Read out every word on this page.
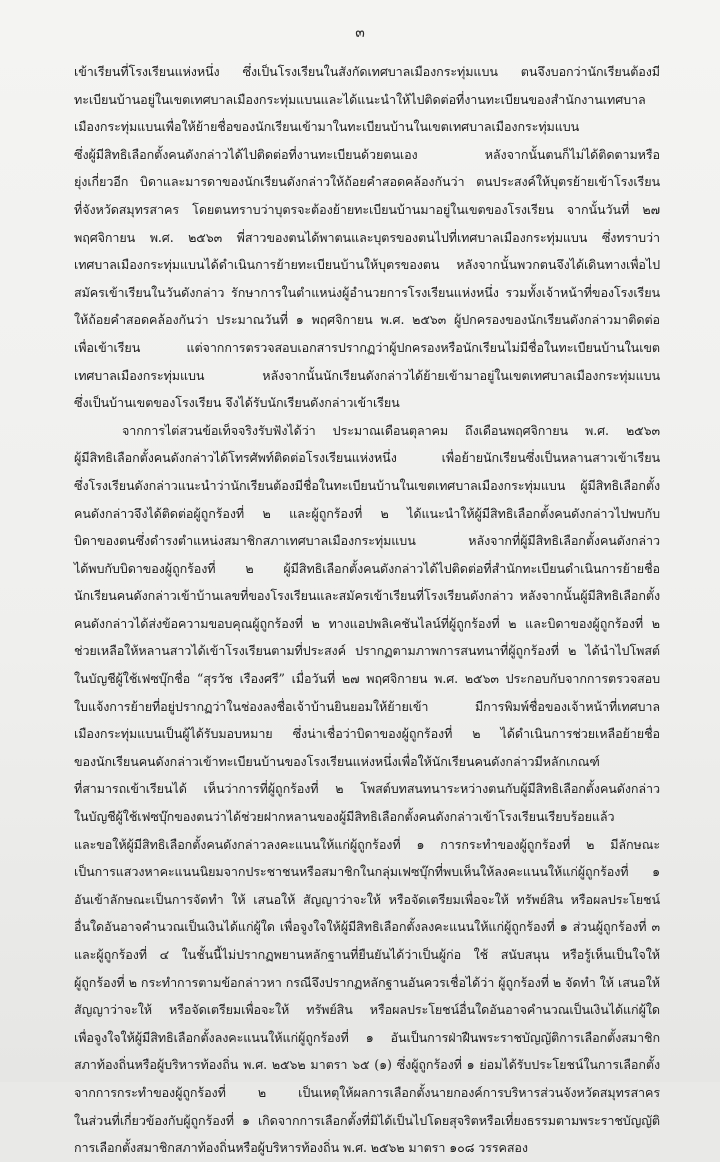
๓
เข้าเรียนที่โรงเรียนแห่งหนึ่ง ซึ่งเป็นโรงเรียนในสังกัดเทศบาลเมืองกระทุ่มแบน ตนจึงบอกว่านักเรียนต้องมี
ทะเบียนบ้านอยู่ในเขตเทศบาลเมืองกระทุ่มแบนและได้แนะนำให้ไปติดต่อที่งานทะเบียนของสำนักงานเทศบาล
เมืองกระทุ่มแบนเพื่อให้ย้ายชื่อของนักเรียนเข้ามาในทะเบียนบ้านในเขตเทศบาลเมืองกระทุ่มแบน
ซึ่งผู้มีสิทธิเลือกตั้งคนดังกล่าวได้ไปติดต่อที่งานทะเบียนด้วยตนเอง หลังจากนั้นตนก็ไม่ได้ติดตามหรือ
ยุ่งเกี่ยวอีก บิดาและมารดาของนักเรียนดังกล่าวให้ถ้อยคำสอดคล้องกันว่า ตนประสงค์ให้บุตรย้ายเข้าโรงเรียน
ที่จังหวัดสมุทรสาคร โดยตนทราบว่าบุตรจะต้องย้ายทะเบียนบ้านมาอยู่ในเขตของโรงเรียน จากนั้นวันที่ ๒๗
พฤศจิกายน พ.ศ. ๒๕๖๓ พี่สาวของตนได้พาตนและบุตรของตนไปที่เทศบาลเมืองกระทุ่มแบน ซึ่งทราบว่า
เทศบาลเมืองกระทุ่มแบนได้ดำเนินการย้ายทะเบียนบ้านให้บุตรของตน หลังจากนั้นพวกตนจึงได้เดินทางเพื่อไป
สมัครเข้าเรียนในวันดังกล่าว รักษาการในตำแหน่งผู้อำนวยการโรงเรียนแห่งหนึ่ง รวมทั้งเจ้าหน้าที่ของโรงเรียน
ให้ถ้อยคำสอดคล้องกันว่า ประมาณวันที่ ๑ พฤศจิกายน พ.ศ. ๒๕๖๓ ผู้ปกครองของนักเรียนดังกล่าวมาติดต่อ
เพื่อเข้าเรียน แต่จากการตรวจสอบเอกสารปรากฏว่าผู้ปกครองหรือนักเรียนไม่มีชื่อในทะเบียนบ้านในเขต
เทศบาลเมืองกระทุ่มแบน หลังจากนั้นนักเรียนดังกล่าวได้ย้ายเข้ามาอยู่ในเขตเทศบาลเมืองกระทุ่มแบน
ซึ่งเป็นบ้านเขตของโรงเรียน จึงได้รับนักเรียนดังกล่าวเข้าเรียน
จากการไต่สวนข้อเท็จจริงรับฟังได้ว่า ประมาณเดือนตุลาคม ถึงเดือนพฤศจิกายน พ.ศ. ๒๕๖๓
ผู้มีสิทธิเลือกตั้งคนดังกล่าวได้โทรศัพท์ติดต่อโรงเรียนแห่งหนึ่ง เพื่อย้ายนักเรียนซึ่งเป็นหลานสาวเข้าเรียน
ซึ่งโรงเรียนดังกล่าวแนะนำว่านักเรียนต้องมีชื่อในทะเบียนบ้านในเขตเทศบาลเมืองกระทุ่มแบน ผู้มีสิทธิเลือกตั้ง
คนดังกล่าวจึงได้ติดต่อผู้ถูกร้องที่ ๒ และผู้ถูกร้องที่ ๒ ได้แนะนำให้ผู้มีสิทธิเลือกตั้งคนดังกล่าวไปพบกับ
บิดาของตนซึ่งดำรงตำแหน่งสมาชิกสภาเทศบาลเมืองกระทุ่มแบน หลังจากที่ผู้มีสิทธิเลือกตั้งคนดังกล่าว
ได้พบกับบิดาของผู้ถูกร้องที่ ๒ ผู้มีสิทธิเลือกตั้งคนดังกล่าวได้ไปติดต่อที่สำนักทะเบียนดำเนินการย้ายชื่อ
นักเรียนคนดังกล่าวเข้าบ้านเลขที่ของโรงเรียนและสมัครเข้าเรียนที่โรงเรียนดังกล่าว หลังจากนั้นผู้มีสิทธิเลือกตั้ง
คนดังกล่าวได้ส่งข้อความขอบคุณผู้ถูกร้องที่ ๒ ทางแอปพลิเคชันไลน์ที่ผู้ถูกร้องที่ ๒ และบิดาของผู้ถูกร้องที่ ๒
ช่วยเหลือให้หลานสาวได้เข้าโรงเรียนตามที่ประสงค์ ปรากฏตามภาพการสนทนาที่ผู้ถูกร้องที่ ๒ ได้นำไปโพสต์
ในบัญชีผู้ใช้เฟซบุ๊กชื่อ “สุรวัช เรืองศรี” เมื่อวันที่ ๒๗ พฤศจิกายน พ.ศ. ๒๕๖๓ ประกอบกับจากการตรวจสอบ
ใบแจ้งการย้ายที่อยู่ปรากฏว่าในช่องลงชื่อเจ้าบ้านยินยอมให้ย้ายเข้า มีการพิมพ์ชื่อของเจ้าหน้าที่เทศบาล
เมืองกระทุ่มแบนเป็นผู้ได้รับมอบหมาย ซึ่งน่าเชื่อว่าบิดาของผู้ถูกร้องที่ ๒ ได้ดำเนินการช่วยเหลือย้ายชื่อ
ของนักเรียนคนดังกล่าวเข้าทะเบียนบ้านของโรงเรียนแห่งหนึ่งเพื่อให้นักเรียนคนดังกล่าวมีหลักเกณฑ์
ที่สามารถเข้าเรียนได้ เห็นว่าการที่ผู้ถูกร้องที่ ๒ โพสต์บทสนทนาระหว่างตนกับผู้มีสิทธิเลือกตั้งคนดังกล่าว
ในบัญชีผู้ใช้เฟซบุ๊กของตนว่าได้ช่วยฝากหลานของผู้มีสิทธิเลือกตั้งคนดังกล่าวเข้าโรงเรียนเรียบร้อยแล้ว
และขอให้ผู้มีสิทธิเลือกตั้งคนดังกล่าวลงคะแนนให้แก่ผู้ถูกร้องที่ ๑ การกระทำของผู้ถูกร้องที่ ๒ มีลักษณะ
เป็นการแสวงหาคะแนนนิยมจากประชาชนหรือสมาชิกในกลุ่มเฟซบุ๊กที่พบเห็นให้ลงคะแนนให้แก่ผู้ถูกร้องที่ ๑
อันเข้าลักษณะเป็นการจัดทำ ให้ เสนอให้ สัญญาว่าจะให้ หรือจัดเตรียมเพื่อจะให้ ทรัพย์สิน หรือผลประโยชน์
อื่นใดอันอาจคำนวณเป็นเงินได้แก่ผู้ใด เพื่อจูงใจให้ผู้มีสิทธิเลือกตั้งลงคะแนนให้แก่ผู้ถูกร้องที่ ๑ ส่วนผู้ถูกร้องที่ ๓
และผู้ถูกร้องที่ ๔ ในชั้นนี้ไม่ปรากฏพยานหลักฐานที่ยืนยันได้ว่าเป็นผู้ก่อ ใช้ สนับสนุน หรือรู้เห็นเป็นใจให้
ผู้ถูกร้องที่ ๒ กระทำการตามข้อกล่าวหา กรณีจึงปรากฏหลักฐานอันควรเชื่อได้ว่า ผู้ถูกร้องที่ ๒ จัดทำ ให้ เสนอให้
สัญญาว่าจะให้ หรือจัดเตรียมเพื่อจะให้ ทรัพย์สิน หรือผลประโยชน์อื่นใดอันอาจคำนวณเป็นเงินได้แก่ผู้ใด
เพื่อจูงใจให้ผู้มีสิทธิเลือกตั้งลงคะแนนให้แก่ผู้ถูกร้องที่ ๑ อันเป็นการฝ่าฝืนพระราชบัญญัติการเลือกตั้งสมาชิก
สภาท้องถิ่นหรือผู้บริหารท้องถิ่น พ.ศ. ๒๕๖๒ มาตรา ๖๕ (๑) ซึ่งผู้ถูกร้องที่ ๑ ย่อมได้รับประโยชน์ในการเลือกตั้ง
จากการกระทำของผู้ถูกร้องที่ ๒ เป็นเหตุให้ผลการเลือกตั้งนายกองค์การบริหารส่วนจังหวัดสมุทรสาคร
ในส่วนที่เกี่ยวข้องกับผู้ถูกร้องที่ ๑ เกิดจากการเลือกตั้งที่มิได้เป็นไปโดยสุจริตหรือเที่ยงธรรมตามพระราชบัญญัติ
การเลือกตั้งสมาชิกสภาท้องถิ่นหรือผู้บริหารท้องถิ่น พ.ศ. ๒๕๖๒ มาตรา ๑๐๘ วรรคสอง
